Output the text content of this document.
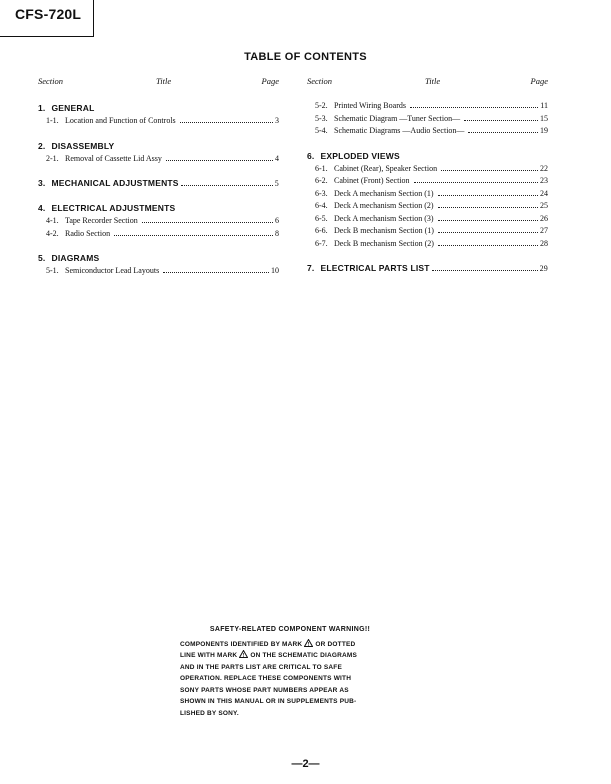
CFS-720L
TABLE OF CONTENTS
Section	Title	Page
1. GENERAL
1-1. Location and Function of Controls	3
2. DISASSEMBLY
2-1. Removal of Cassette Lid Assy	4
3. MECHANICAL ADJUSTMENTS	5
4. ELECTRICAL ADJUSTMENTS
4-1. Tape Recorder Section	6
4-2. Radio Section	8
5. DIAGRAMS
5-1. Semiconductor Lead Layouts	10
Section	Title	Page
5-2. Printed Wiring Boards	11
5-3. Schematic Diagram —Tuner Section—	15
5-4. Schematic Diagrams —Audio Section—	19
6. EXPLODED VIEWS
6-1. Cabinet (Rear), Speaker Section	22
6-2. Cabinet (Front) Section	23
6-3. Deck A mechanism Section (1)	24
6-4. Deck A mechanism Section (2)	25
6-5. Deck A mechanism Section (3)	26
6-6. Deck B mechanism Section (1)	27
6-7. Deck B mechanism Section (2)	28
7. ELECTRICAL PARTS LIST	29
SAFETY-RELATED COMPONENT WARNING!!
COMPONENTS IDENTIFIED BY MARK ! OR DOTTED
LINE WITH MARK ! ON THE SCHEMATIC DIAGRAMS
AND IN THE PARTS LIST ARE CRITICAL TO SAFE
OPERATION. REPLACE THESE COMPONENTS WITH
SONY PARTS WHOSE PART NUMBERS APPEAR AS
SHOWN IN THIS MANUAL OR IN SUPPLEMENTS PUB-
LISHED BY SONY.
—2—
